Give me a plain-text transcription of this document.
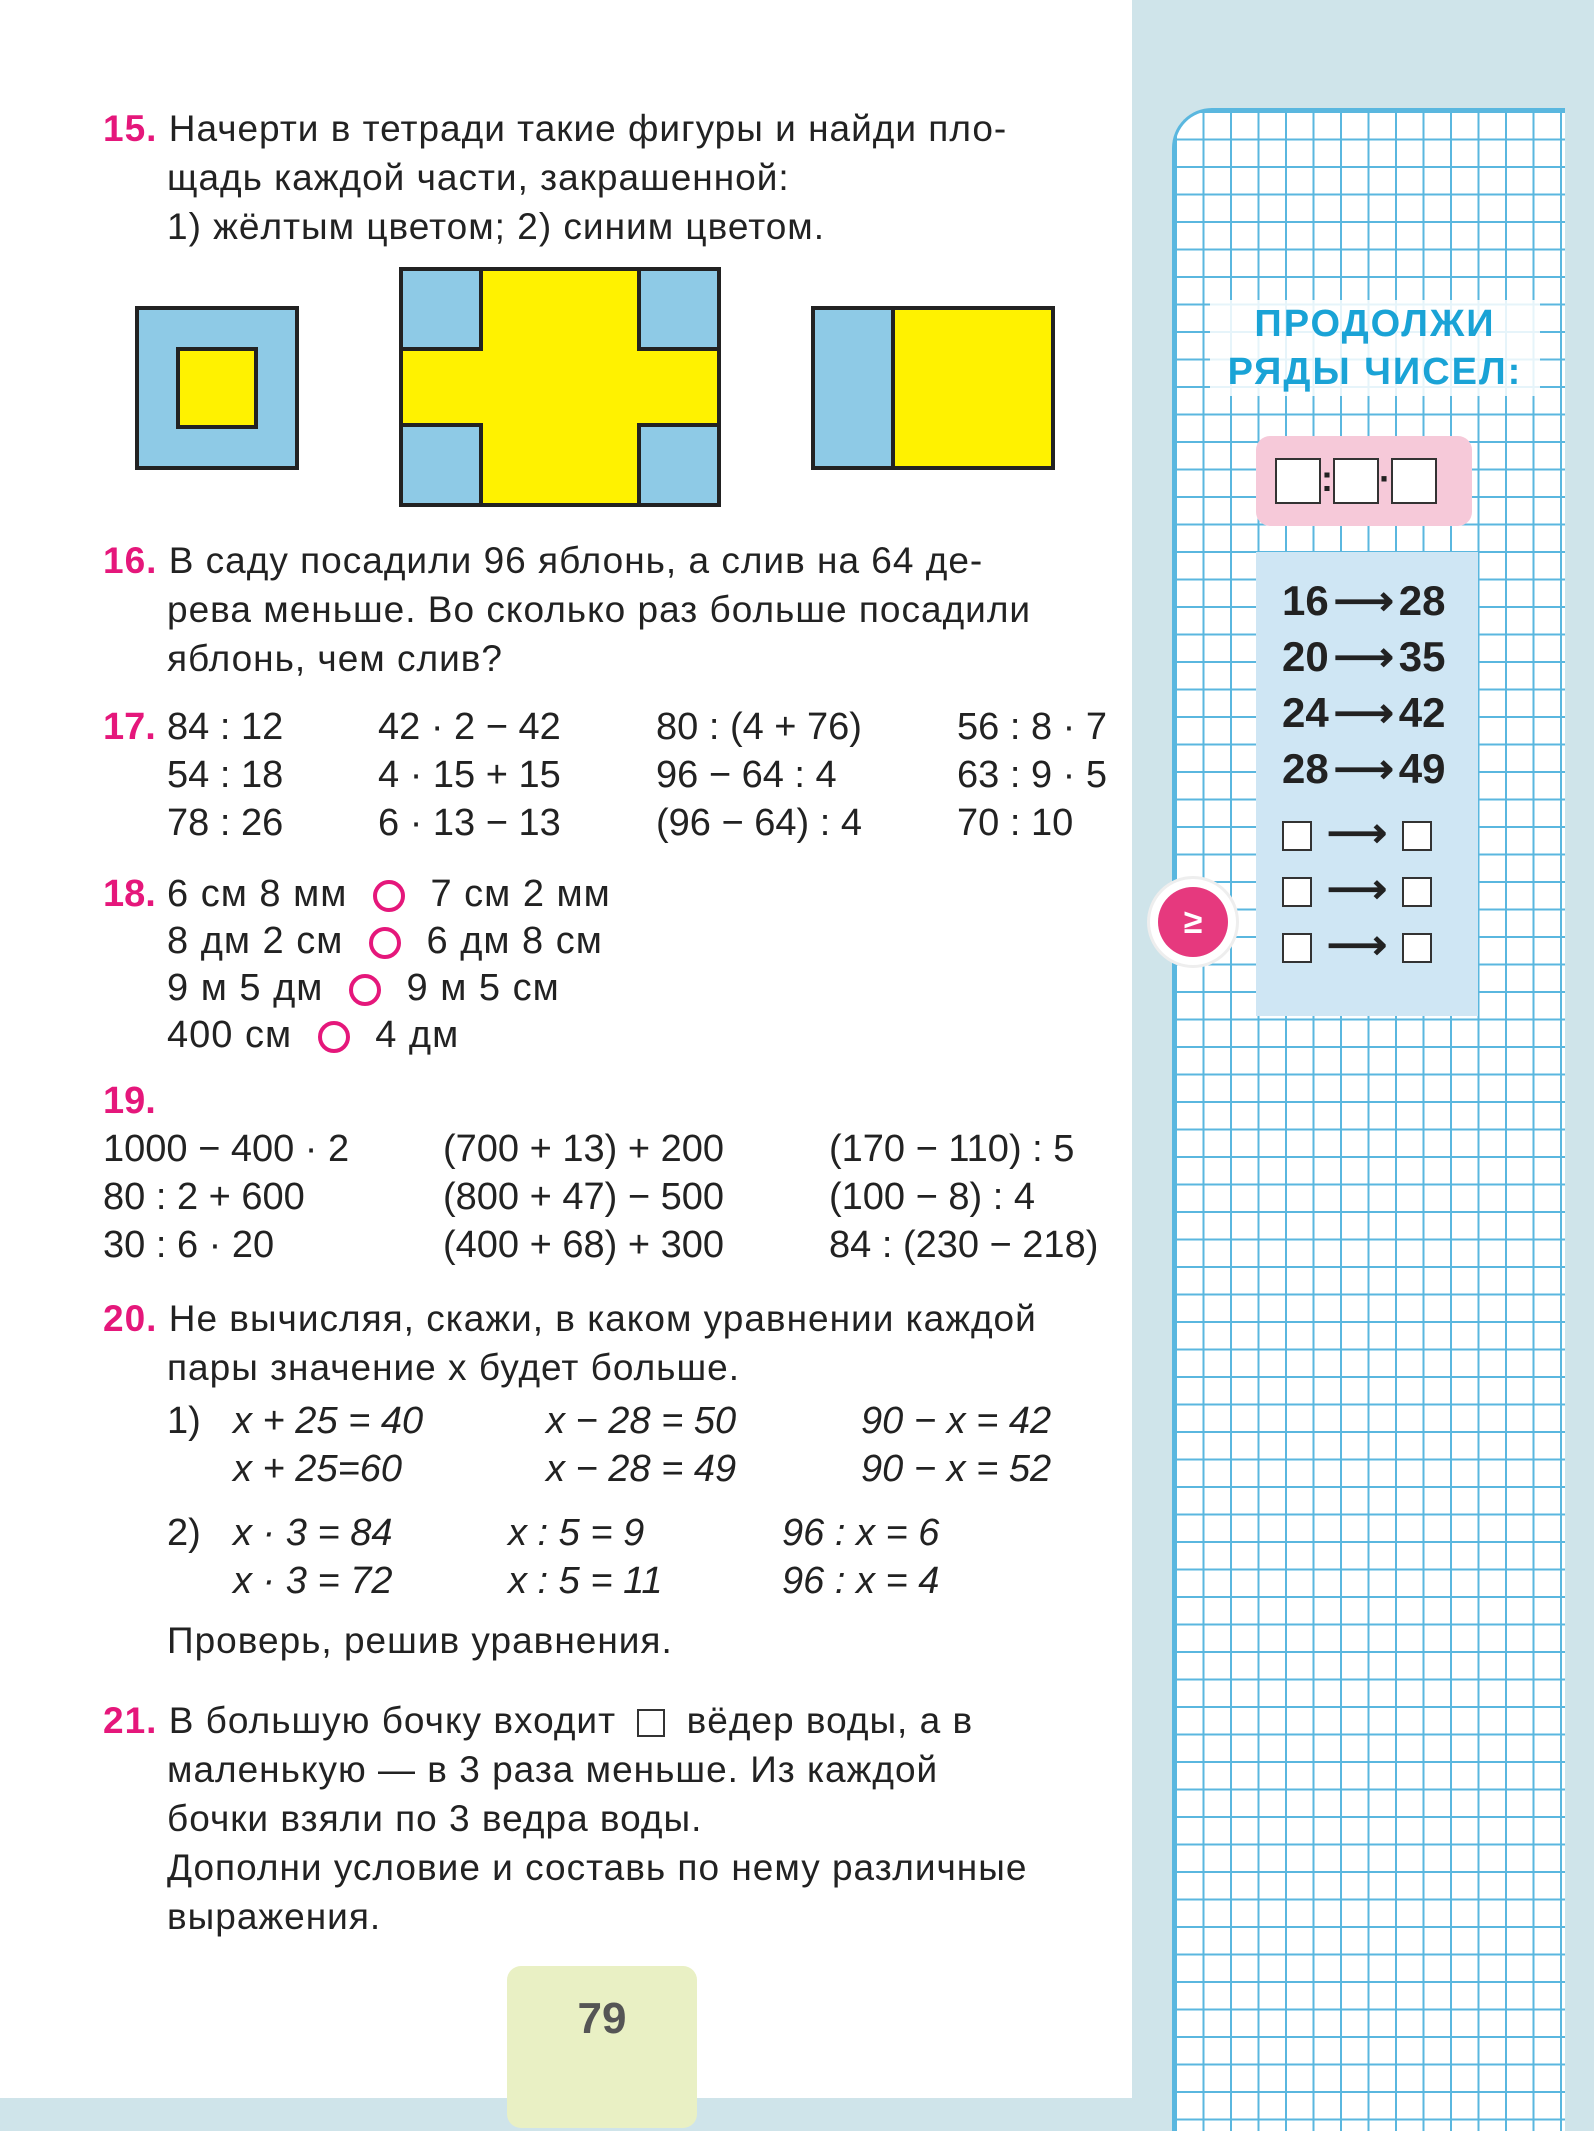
15. Начерти в тетради такие фигуры и найди пло-
щадь каждой части, закрашенной:
1) жёлтым цветом; 2) синим цветом.
16. В саду посадили 96 яблонь, а слив на 64 де-
рева меньше. Во сколько раз больше посадили
яблонь, чем слив?
17. 84 : 12
54 : 18
78 : 26
42 · 2 − 42
4 · 15 + 15
6 · 13 − 13
80 : (4 + 76)
96 − 64 : 4
(96 − 64) : 4
56 : 8 · 7
63 : 9 · 5
70 : 10
18. 6 см 8 мм 7 см 2 мм
8 дм 2 см 6 дм 8 см
9 м 5 дм 9 м 5 см
400 см 4 дм
19.
1000 − 400 · 2
80 : 2 + 600
30 : 6 · 20
(700 + 13) + 200
(800 + 47) − 500
(400 + 68) + 300
(170 − 110) : 5
(100 − 8) : 4
84 : (230 − 218)
20. Не вычисляя, скажи, в каком уравнении каждой
пары значение x будет больше.
1) x + 25 = 40
x + 25=60
x − 28 = 50
x − 28 = 49
90 − x = 42
90 − x = 52
2) x · 3 = 84
x · 3 = 72
x : 5 = 9
x : 5 = 11
96 : x = 6
96 : x = 4
Проверь, решив уравнения.
21. В большую бочку входит вёдер воды, а в
маленькую — в 3 раза меньше. Из каждой
бочки взяли по 3 ведра воды.
Дополни условие и составь по нему различные
выражения.
79
ПРОДОЛЖИ
РЯДЫ ЧИСЕЛ:
: ·
16 ⟶ 28
20 ⟶ 35
24 ⟶ 42
28 ⟶ 49
⟶
⟶
⟶
≥
